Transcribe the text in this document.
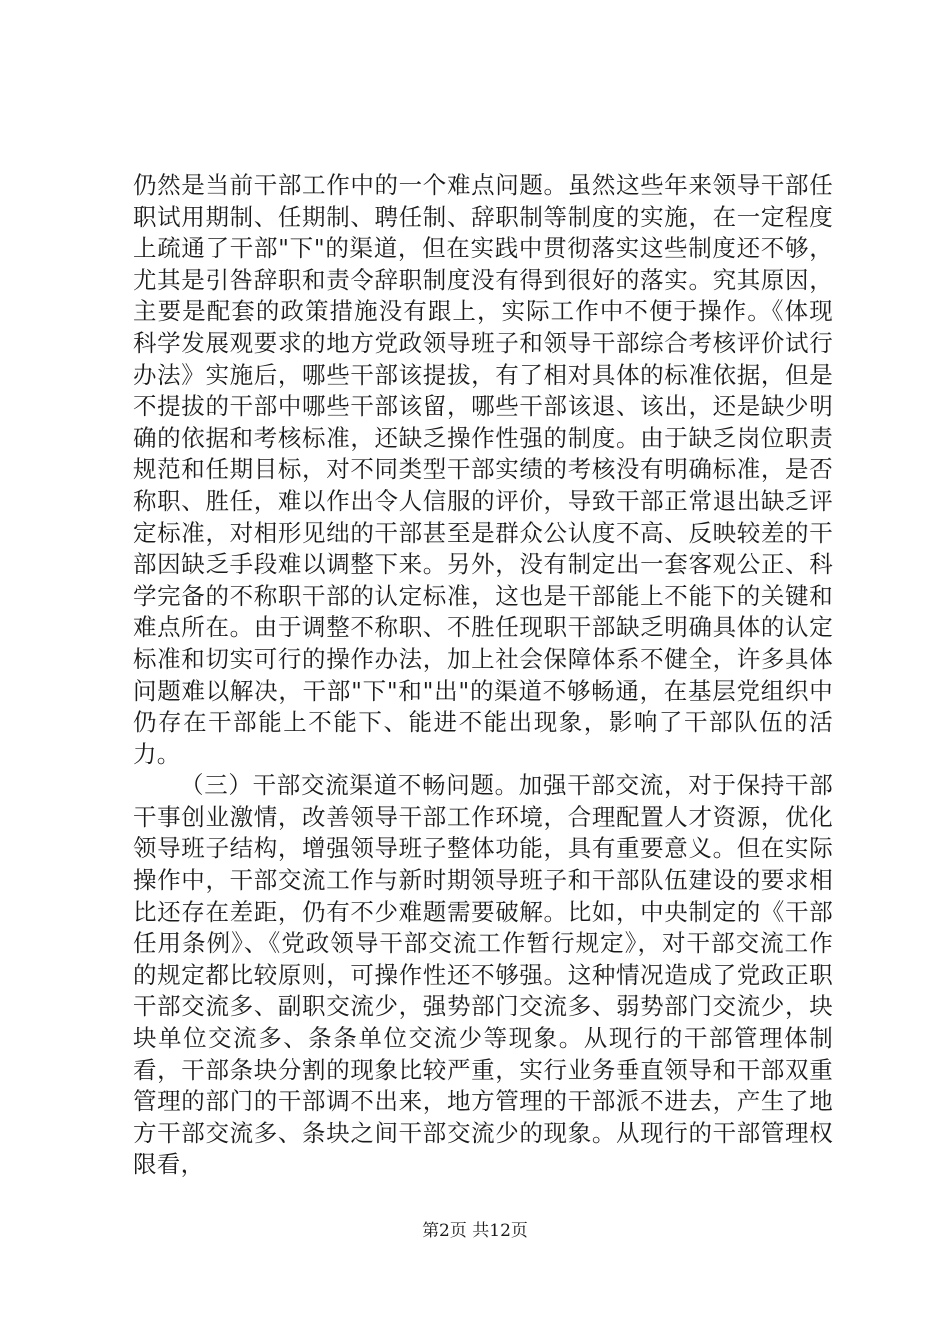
仍然是当前干部工作中的一个难点问题。虽然这些年来领导干部任职试用期制、任期制、聘任制、辞职制等制度的实施，在一定程度上疏通了干部"下"的渠道，但在实践中贯彻落实这些制度还不够，尤其是引咎辞职和责令辞职制度没有得到很好的落实。究其原因，主要是配套的政策措施没有跟上，实际工作中不便于操作。《体现科学发展观要求的地方党政领导班子和领导干部综合考核评价试行办法》实施后，哪些干部该提拔，有了相对具体的标准依据，但是不提拔的干部中哪些干部该留，哪些干部该退、该出，还是缺少明确的依据和考核标准，还缺乏操作性强的制度。由于缺乏岗位职责规范和任期目标，对不同类型干部实绩的考核没有明确标准，是否称职、胜任，难以作出令人信服的评价，导致干部正常退出缺乏评定标准，对相形见绌的干部甚至是群众公认度不高、反映较差的干部因缺乏手段难以调整下来。另外，没有制定出一套客观公正、科学完备的不称职干部的认定标准，这也是干部能上不能下的关键和难点所在。由于调整不称职、不胜任现职干部缺乏明确具体的认定标准和切实可行的操作办法，加上社会保障体系不健全，许多具体问题难以解决，干部"下"和"出"的渠道不够畅通，在基层党组织中仍存在干部能上不能下、能进不能出现象，影响了干部队伍的活力。

（三）干部交流渠道不畅问题。加强干部交流，对于保持干部干事创业激情，改善领导干部工作环境，合理配置人才资源，优化领导班子结构，增强领导班子整体功能，具有重要意义。但在实际操作中，干部交流工作与新时期领导班子和干部队伍建设的要求相比还存在差距，仍有不少难题需要破解。比如，中央制定的《干部任用条例》、《党政领导干部交流工作暂行规定》，对干部交流工作的规定都比较原则，可操作性还不够强。这种情况造成了党政正职干部交流多、副职交流少，强势部门交流多、弱势部门交流少，块块单位交流多、条条单位交流少等现象。从现行的干部管理体制看，干部条块分割的现象比较严重，实行业务垂直领导和干部双重管理的部门的干部调不出来，地方管理的干部派不进去，产生了地方干部交流多、条块之间干部交流少的现象。从现行的干部管理权限看，

第2页 共12页
